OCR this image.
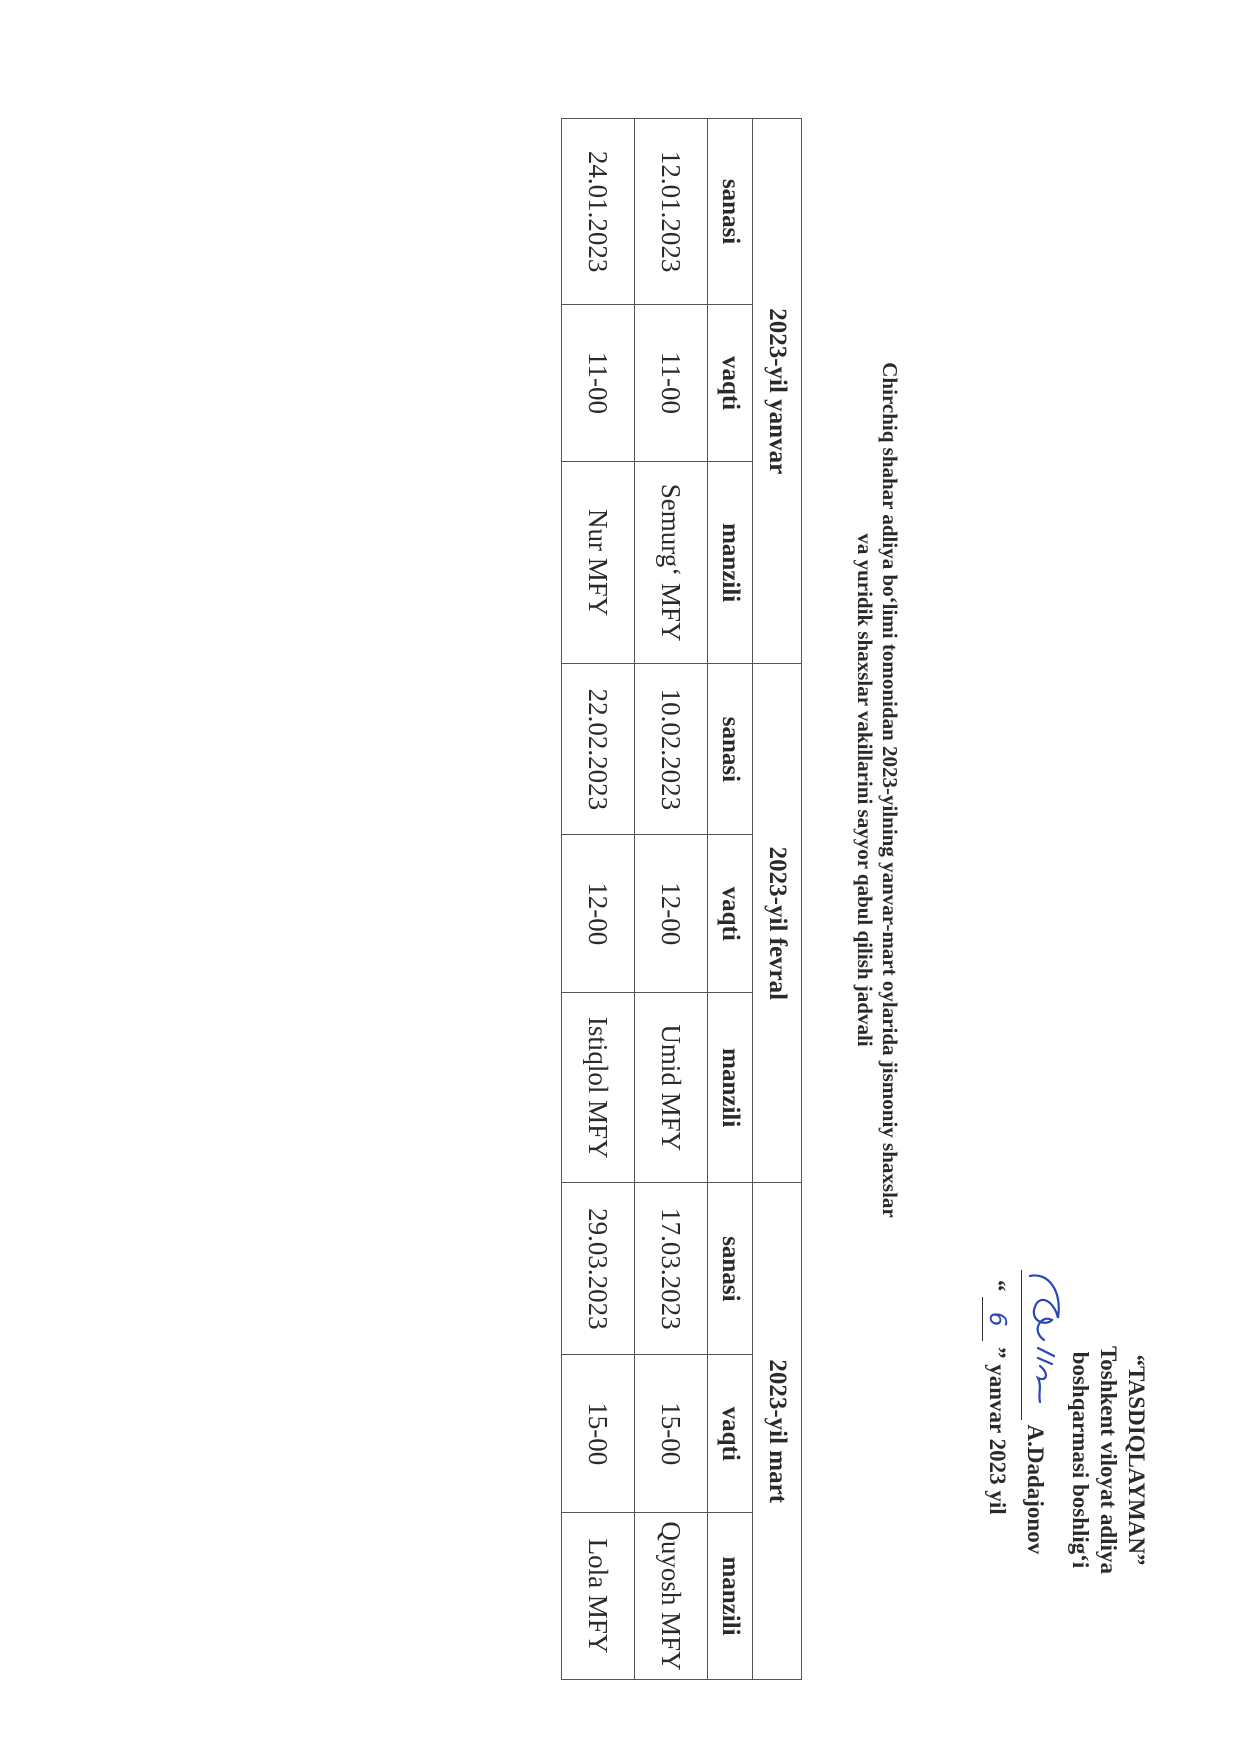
“TASDIQLAYMAN”
Toshkent viloyat adliya
boshqarmasi boshlig‘i
A.Dadajonov
“ 6 ” yanvar 2023 yil
Chirchiq shahar adliya bo‘limi tomonidan 2023-yilning yanvar-mart oylarida jismoniy shaxslar
va yuridik shaxslar vakillarini sayyor qabul qilish jadvali
2023-yil yanvar			2023-yil fevral			2023-yil mart		
sanasi	vaqti	manzili	sanasi	vaqti	manzili	sanasi	vaqti	manzili
12.01.2023	11-00	Semurg‘ MFY	10.02.2023	12-00	Umid MFY	17.03.2023	15-00	Quyosh MFY
24.01.2023	11-00	Nur MFY	22.02.2023	12-00	Istiqlol MFY	29.03.2023	15-00	Lola MFY
